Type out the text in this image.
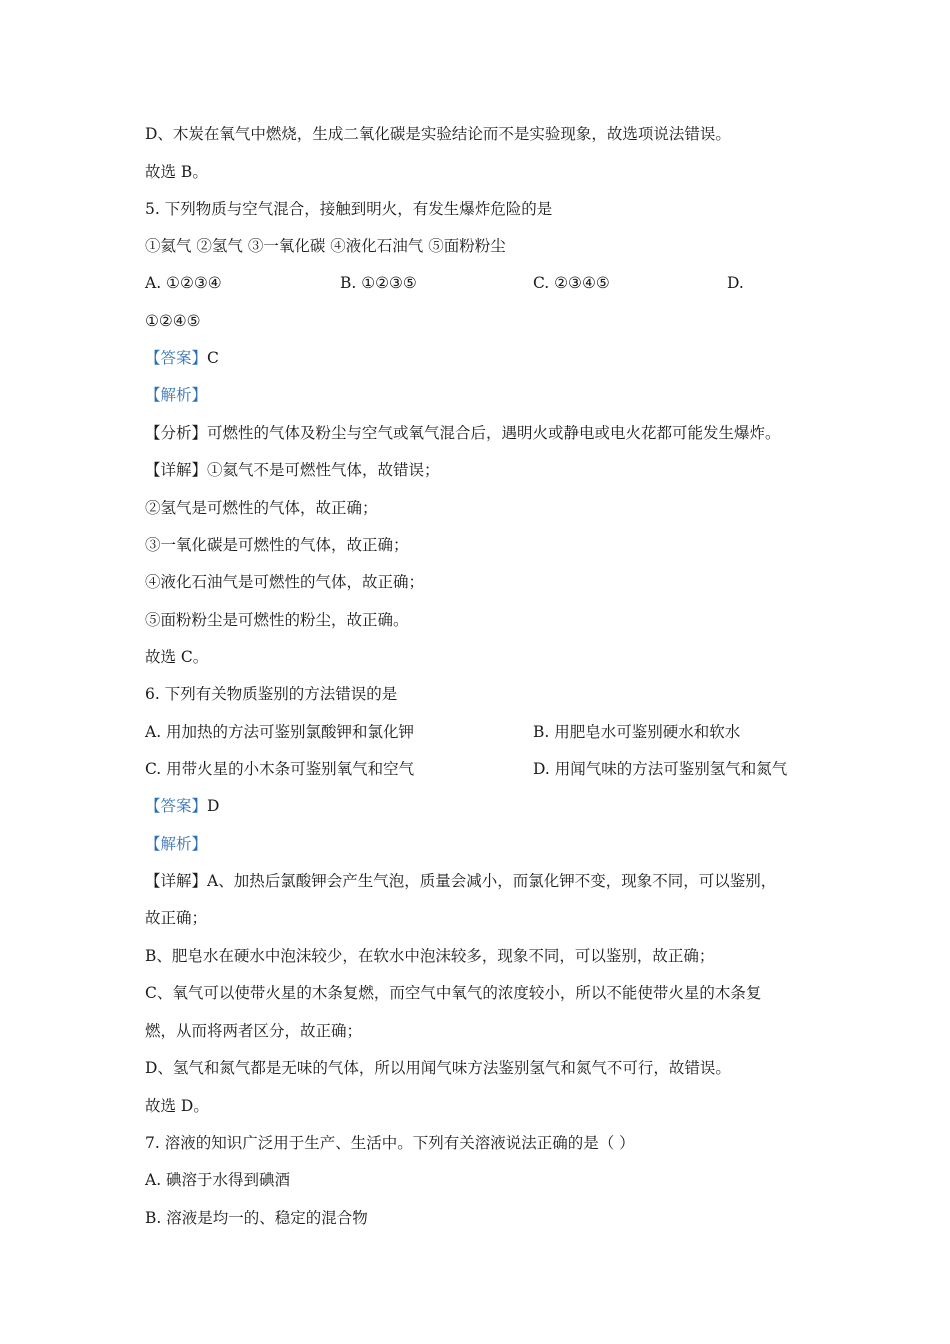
D、木炭在氧气中燃烧，生成二氧化碳是实验结论而不是实验现象，故选项说法错误。
故选 B。
5. 下列物质与空气混合，接触到明火，有发生爆炸危险的是
①氦气 ②氢气 ③一氧化碳 ④液化石油气 ⑤面粉粉尘
A. ①②③④	B. ①②③⑤	C. ②③④⑤	D.
①②④⑤
【答案】C
【解析】
【分析】可燃性的气体及粉尘与空气或氧气混合后，遇明火或静电或电火花都可能发生爆炸。
【详解】①氦气不是可燃性气体，故错误；
②氢气是可燃性的气体，故正确；
③一氧化碳是可燃性的气体，故正确；
④液化石油气是可燃性的气体，故正确；
⑤面粉粉尘是可燃性的粉尘，故正确。
故选 C。
6. 下列有关物质鉴别的方法错误的是
A. 用加热的方法可鉴别氯酸钾和氯化钾	B. 用肥皂水可鉴别硬水和软水
C. 用带火星的小木条可鉴别氧气和空气	D. 用闻气味的方法可鉴别氢气和氮气
【答案】D
【解析】
【详解】A、加热后氯酸钾会产生气泡，质量会减小，而氯化钾不变，现象不同，可以鉴别，
故正确；
B、肥皂水在硬水中泡沫较少，在软水中泡沫较多，现象不同，可以鉴别，故正确；
C、氧气可以使带火星的木条复燃，而空气中氧气的浓度较小，所以不能使带火星的木条复
燃，从而将两者区分，故正确；
D、氢气和氮气都是无味的气体，所以用闻气味方法鉴别氢气和氮气不可行，故错误。
故选 D。
7. 溶液的知识广泛用于生产、生活中。下列有关溶液说法正确的是（ ）
A. 碘溶于水得到碘酒
B. 溶液是均一的、稳定的混合物
